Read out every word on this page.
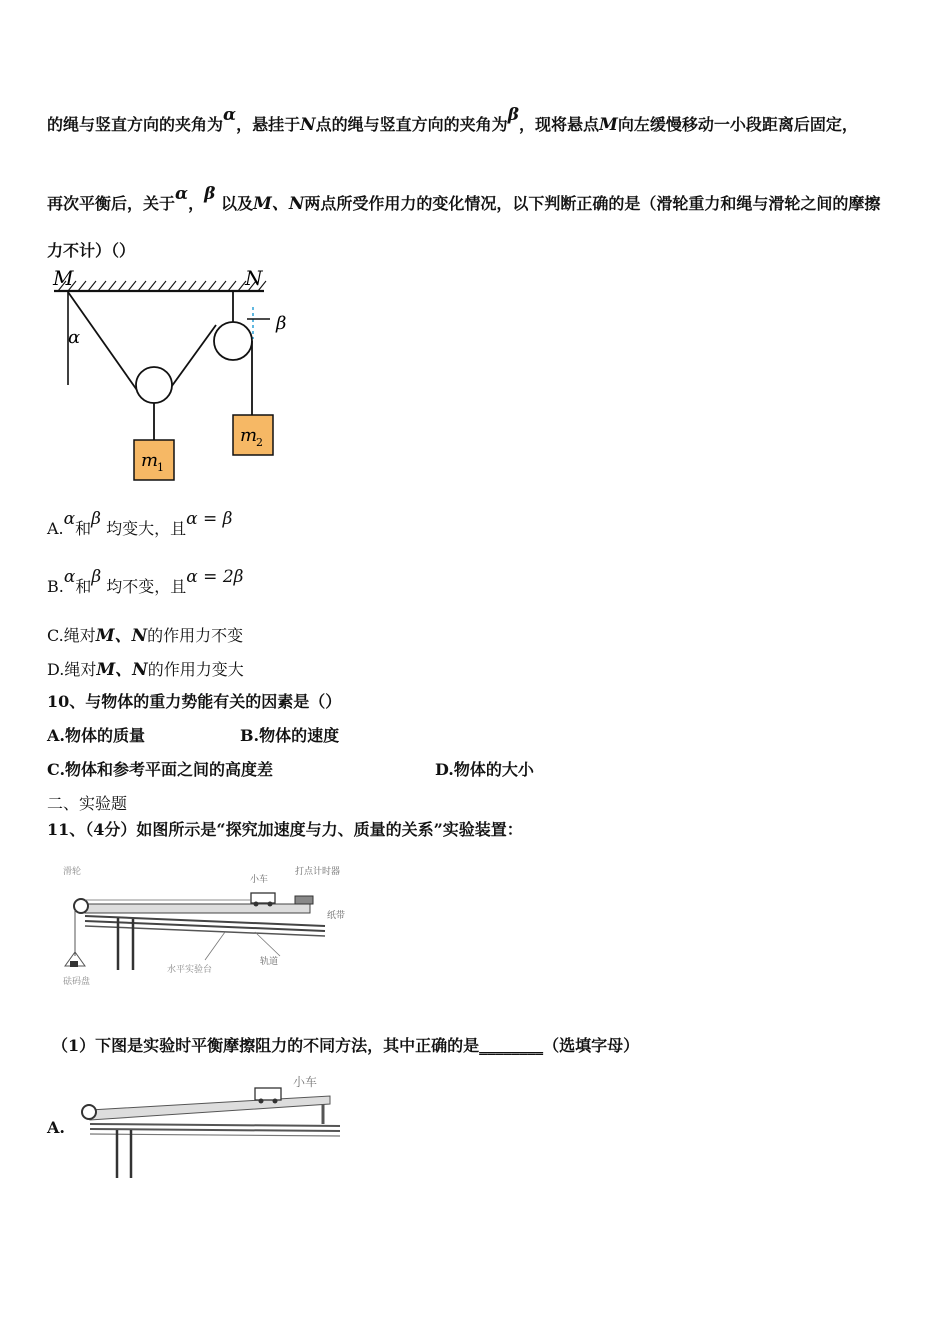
的绳与竖直方向的夹角为α，悬挂于N点的绳与竖直方向的夹角为β，现将悬点M向左缓慢移动一小段距离后固定，
再次平衡后，关于α，β 以及M、N两点所受作用力的变化情况，以下判断正确的是（滑轮重力和绳与滑轮之间的摩擦
力不计）（）
M	N
α
β
m
1
m
2
A.α和β 均变大，且α = β
B.α和β 均不变，且α = 2β
C.绳对M、N的作用力不变
D.绳对M、N的作用力变大
10、与物体的重力势能有关的因素是（）
A.物体的质量	B.物体的速度
C.物体和参考平面之间的高度差	D.物体的大小
二、实验题
11、（4分）如图所示是“探究加速度与力、质量的关系”实验装置：
滑轮
小车
打点计时器
纸带
轨道
水平实验台
砝码盘
（1）下图是实验时平衡摩擦阻力的不同方法，其中正确的是________（选填字母）
A.
小车
